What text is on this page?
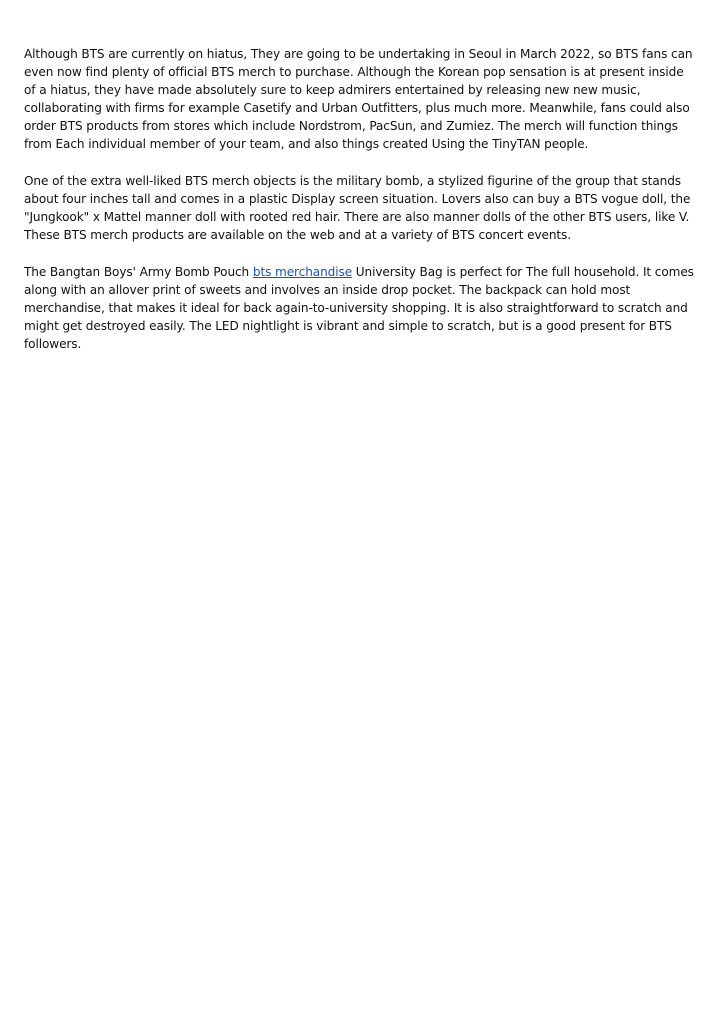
Although BTS are currently on hiatus, They are going to be undertaking in Seoul in March 2022, so BTS fans can even now find plenty of official BTS merch to purchase. Although the Korean pop sensation is at present inside of a hiatus, they have made absolutely sure to keep admirers entertained by releasing new new music, collaborating with firms for example Casetify and Urban Outfitters, plus much more. Meanwhile, fans could also order BTS products from stores which include Nordstrom, PacSun, and Zumiez. The merch will function things from Each individual member of your team, and also things created Using the TinyTAN people.

One of the extra well-liked BTS merch objects is the military bomb, a stylized figurine of the group that stands about four inches tall and comes in a plastic Display screen situation. Lovers also can buy a BTS vogue doll, the "Jungkook" x Mattel manner doll with rooted red hair. There are also manner dolls of the other BTS users, like V. These BTS merch products are available on the web and at a variety of BTS concert events.

The Bangtan Boys' Army Bomb Pouch bts merchandise University Bag is perfect for The full household. It comes along with an allover print of sweets and involves an inside drop pocket. The backpack can hold most merchandise, that makes it ideal for back again-to-university shopping. It is also straightforward to scratch and might get destroyed easily. The LED nightlight is vibrant and simple to scratch, but is a good present for BTS followers.
